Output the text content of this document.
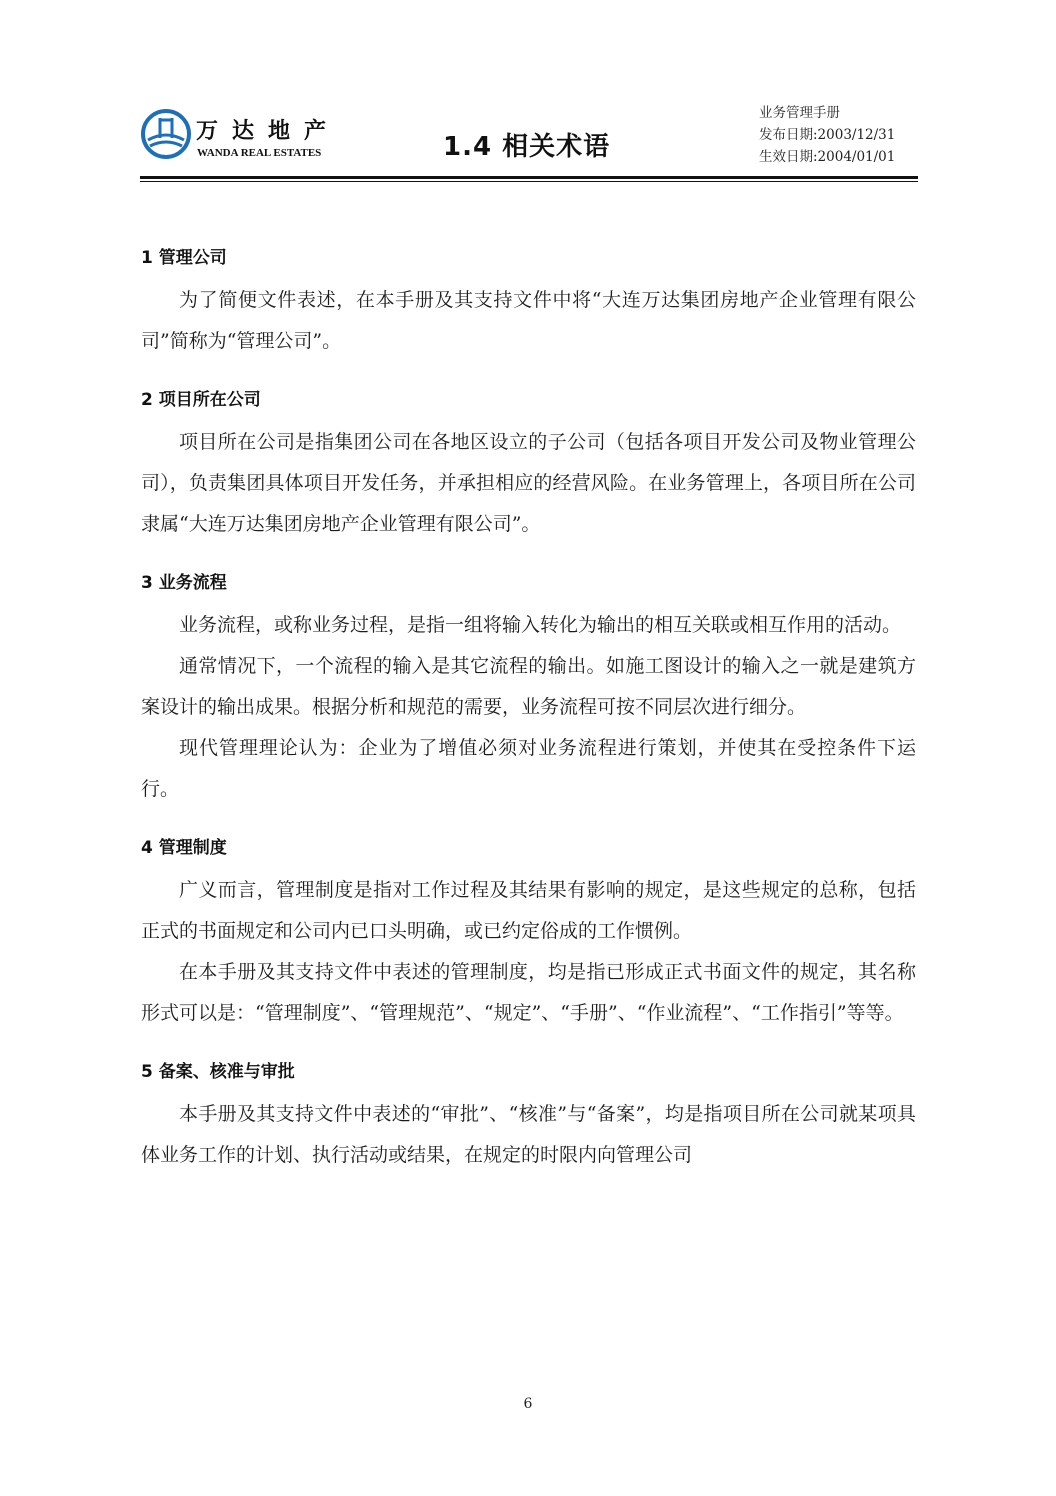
万达地产
WANDA REAL ESTATES	1.4 相关术语
业务管理手册
发布日期:2003/12/31
生效日期:2004/01/01
1 管理公司

为了简便文件表述，在本手册及其支持文件中将“大连万达集团房地产企业管理有限公司”简称为“管理公司”。

2 项目所在公司

项目所在公司是指集团公司在各地区设立的子公司（包括各项目开发公司及物业管理公司），负责集团具体项目开发任务，并承担相应的经营风险。在业务管理上，各项目所在公司隶属“大连万达集团房地产企业管理有限公司”。

3 业务流程

业务流程，或称业务过程，是指一组将输入转化为输出的相互关联或相互作用的活动。

通常情况下，一个流程的输入是其它流程的输出。如施工图设计的输入之一就是建筑方案设计的输出成果。根据分析和规范的需要，业务流程可按不同层次进行细分。

现代管理理论认为：企业为了增值必须对业务流程进行策划，并使其在受控条件下运行。

4 管理制度

广义而言，管理制度是指对工作过程及其结果有影响的规定，是这些规定的总称，包括正式的书面规定和公司内已口头明确，或已约定俗成的工作惯例。

在本手册及其支持文件中表述的管理制度，均是指已形成正式书面文件的规定，其名称形式可以是：“管理制度”、“管理规范”、“规定”、“手册”、“作业流程”、“工作指引”等等。

5 备案、核准与审批

本手册及其支持文件中表述的“审批”、“核准”与“备案”，均是指项目所在公司就某项具体业务工作的计划、执行活动或结果，在规定的时限内向管理公司

6
